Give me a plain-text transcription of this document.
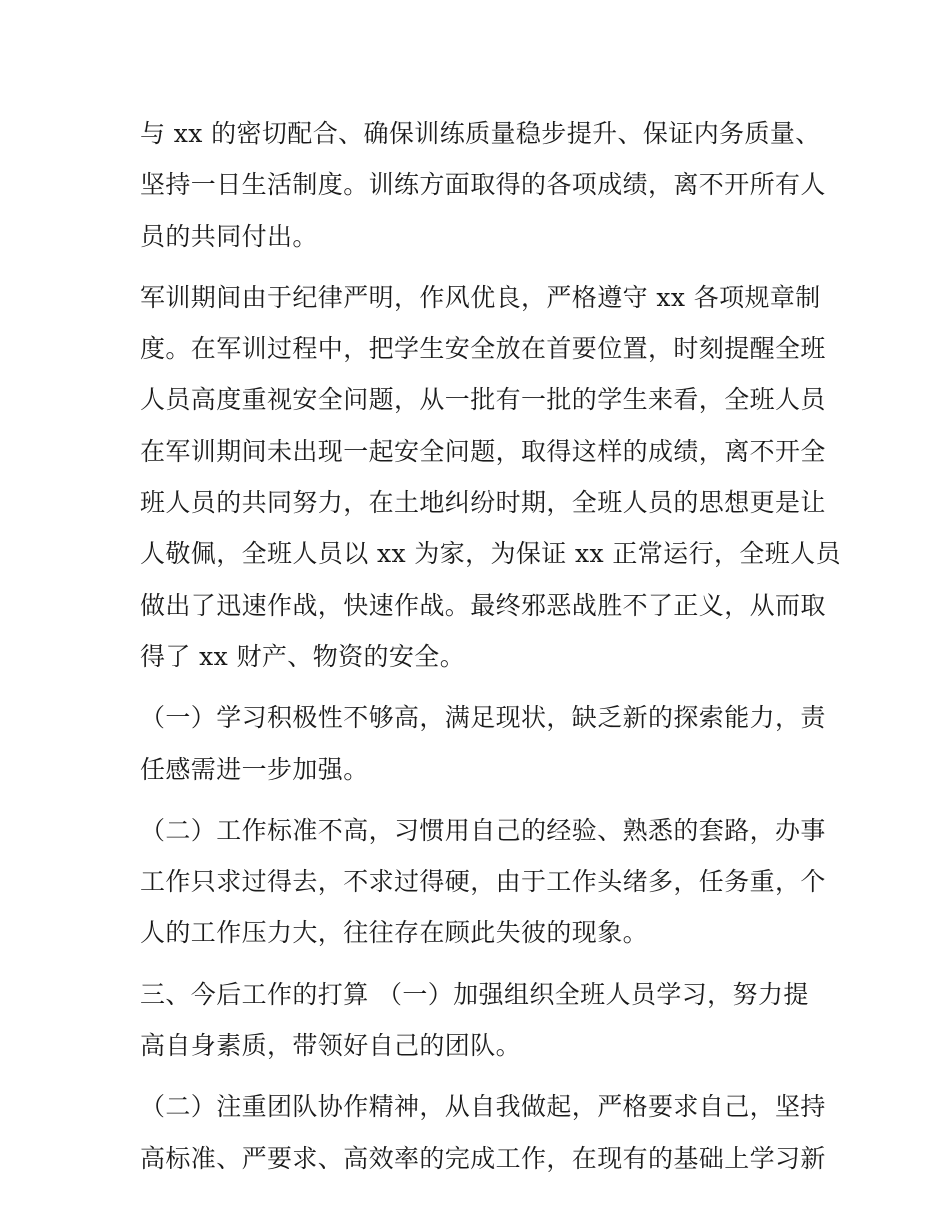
与 xx 的密切配合、确保训练质量稳步提升、保证内务质量、
坚持一日生活制度。训练方面取得的各项成绩，离不开所有人
员的共同付出。

军训期间由于纪律严明，作风优良，严格遵守 xx 各项规章制
度。在军训过程中，把学生安全放在首要位置，时刻提醒全班
人员高度重视安全问题，从一批有一批的学生来看，全班人员
在军训期间未出现一起安全问题，取得这样的成绩，离不开全
班人员的共同努力，在土地纠纷时期，全班人员的思想更是让
人敬佩，全班人员以 xx 为家，为保证 xx 正常运行，全班人员
做出了迅速作战，快速作战。最终邪恶战胜不了正义，从而取
得了 xx 财产、物资的安全。

（一）学习积极性不够高，满足现状，缺乏新的探索能力，责
任感需进一步加强。

（二）工作标准不高，习惯用自己的经验、熟悉的套路，办事
工作只求过得去，不求过得硬，由于工作头绪多，任务重，个
人的工作压力大，往往存在顾此失彼的现象。

三、今后工作的打算 （一）加强组织全班人员学习，努力提
高自身素质，带领好自己的团队。

（二）注重团队协作精神，从自我做起，严格要求自己，坚持
高标准、严要求、高效率的完成工作，在现有的基础上学习新
